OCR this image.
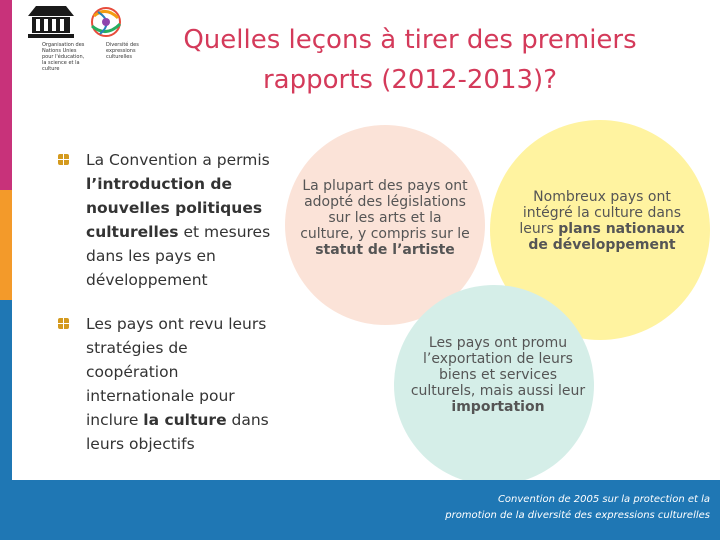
Organisation des Nations Unies pour l'éducation, la science et la culture
Diversité des expressions culturelles
Quelles leçons à tirer des premiers
rapports (2012-2013)?
La Convention a permis l’introduction de nouvelles politiques culturelles et mesures dans les pays en développement
Les pays ont revu leurs stratégies de coopération internationale pour inclure la culture dans leurs objectifs
La plupart des pays ont adopté des législations sur les arts et la culture, y compris sur le statut de l’artiste
Nombreux pays ont intégré la culture dans leurs plans nationaux de développement
Les pays ont promu l’exportation de leurs biens et services culturels, mais aussi leur importation
Convention de 2005 sur la protection et la
promotion de la diversité des expressions culturelles
